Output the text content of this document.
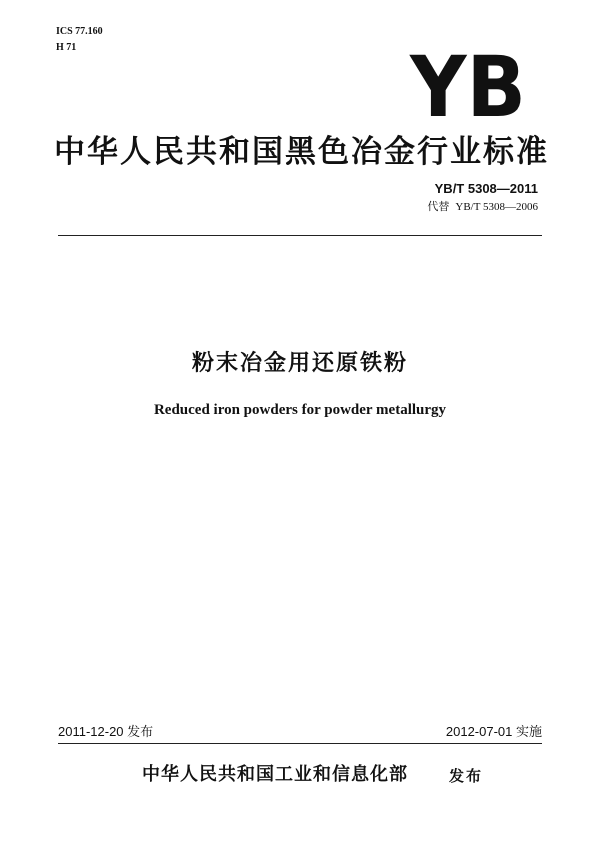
ICS 77.160
H 71	YB
中华人民共和国黑色冶金行业标准
YB/T 5308—2011
代替 YB/T 5308—2006
粉末冶金用还原铁粉
Reduced iron powders for powder metallurgy
2011-12-20 发布	2012-07-01 实施
中华人民共和国工业和信息化部	发布
